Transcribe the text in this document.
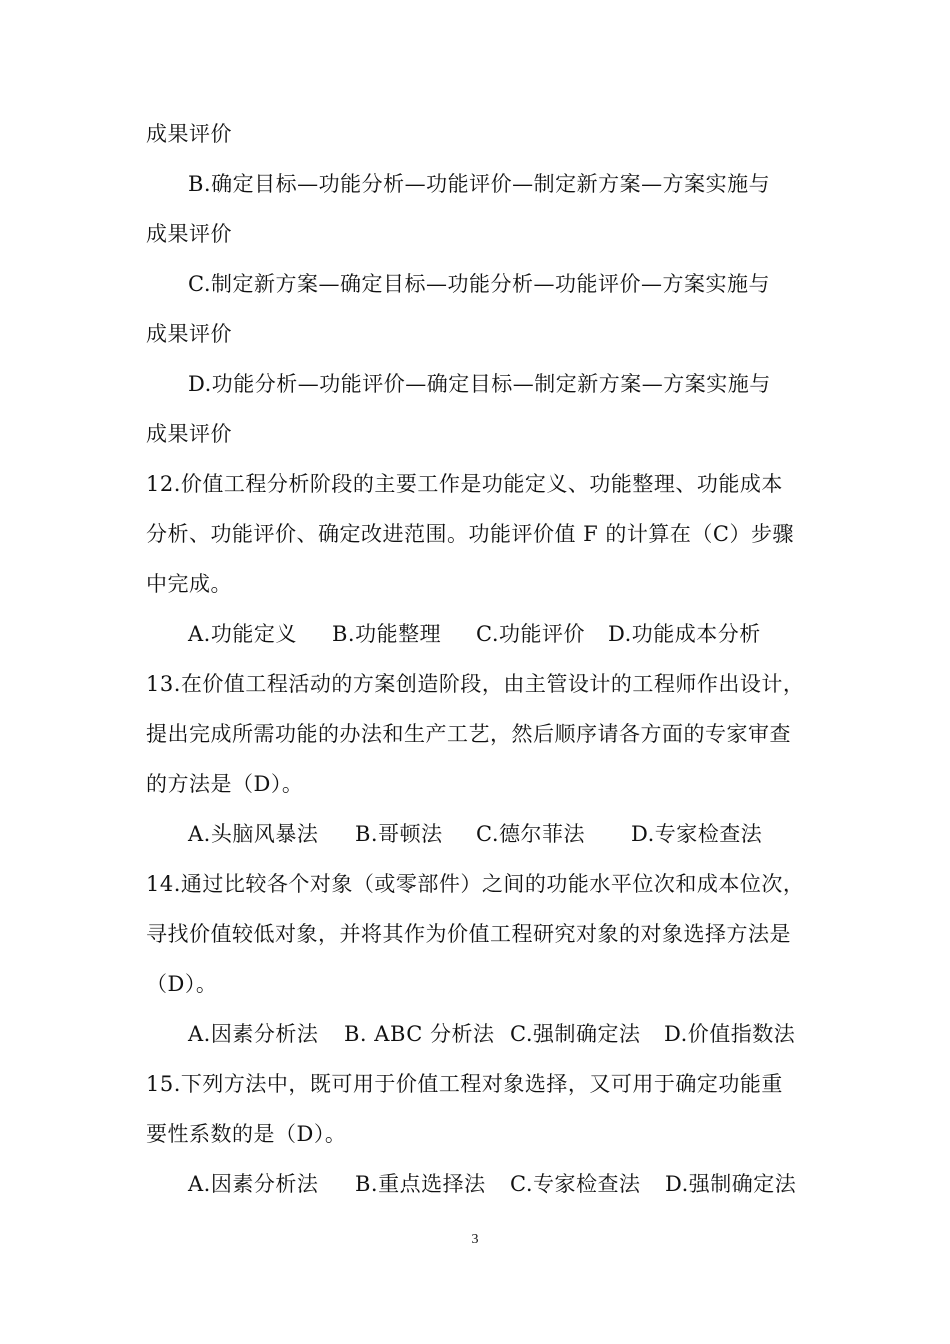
成果评价
B.确定目标—功能分析—功能评价—制定新方案—方案实施与
成果评价
C.制定新方案—确定目标—功能分析—功能评价—方案实施与
成果评价
D.功能分析—功能评价—确定目标—制定新方案—方案实施与
成果评价
12.价值工程分析阶段的主要工作是功能定义、功能整理、功能成本
分析、功能评价、确定改进范围。功能评价值 F 的计算在（C）步骤
中完成。
A.功能定义 B.功能整理 C.功能评价 D.功能成本分析
13.在价值工程活动的方案创造阶段，由主管设计的工程师作出设计，
提出完成所需功能的办法和生产工艺，然后顺序请各方面的专家审查
的方法是（D）。
A.头脑风暴法 B.哥顿法 C.德尔菲法 D.专家检查法
14.通过比较各个对象（或零部件）之间的功能水平位次和成本位次，
寻找价值较低对象，并将其作为价值工程研究对象的对象选择方法是
（D）。
A.因素分析法 B. ABC 分析法 C.强制确定法 D.价值指数法
15.下列方法中，既可用于价值工程对象选择，又可用于确定功能重
要性系数的是（D）。
A.因素分析法 B.重点选择法 C.专家检查法 D.强制确定法
3
